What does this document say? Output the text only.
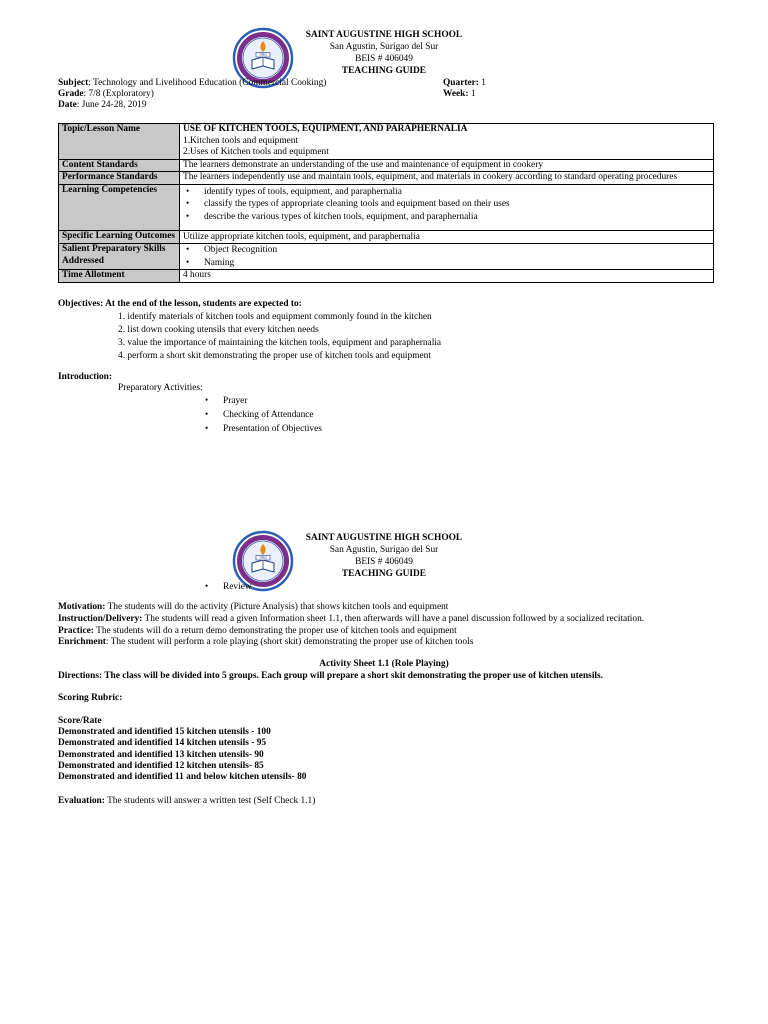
1961
SAINT AUGUSTINE HIGH SCHOOL
San Agustin, Surigao del Sur
BEIS # 406049
TEACHING GUIDE
Subject: Technology and Livelihood Education (Commercial Cooking)
Grade: 7/8 (Exploratory)
Date: June 24-28, 2019
Quarter: 1
Week: 1
Topic/Lesson Name	USE OF KITCHEN TOOLS, EQUIPMENT, AND PARAPHERNALIA
1.Kitchen tools and equipment
2.Uses of Kitchen tools and equipment

Content Standards	The learners demonstrate an understanding of the use and maintenance of equipment in cookery
Performance Standards	The learners independently use and maintain tools, equipment, and materials in cookery according to standard operating procedures
Learning Competencies	• identify types of tools, equipment, and paraphernalia
• classify the types of appropriate cleaning tools and equipment based on their uses
• describe the various types of kitchen tools, equipment, and paraphernalia

Specific Learning Outcomes	Utilize appropriate kitchen tools, equipment, and paraphernalia
Salient Preparatory Skills Addressed	• Object Recognition
• Naming

Time Allotment	4 hours
Objectives: At the end of the lesson, students are expected to:
1. identify materials of kitchen tools and equipment commonly found in the kitchen
2. list down cooking utensils that every kitchen needs
3. value the importance of maintaining the kitchen tools, equipment and paraphernalia
4. perform a short skit demonstrating the proper use of kitchen tools and equipment
Introduction:
Preparatory Activities:
• Prayer
• Checking of Attendance
• Presentation of Objectives
1961
SAINT AUGUSTINE HIGH SCHOOL
San Agustin, Surigao del Sur
BEIS # 406049
TEACHING GUIDE
• Review
Motivation: The students will do the activity (Picture Analysis) that shows kitchen tools and equipment
Instruction/Delivery: The students will read a given Information sheet 1.1, then afterwards will have a panel discussion followed by a socialized recitation.
Practice: The students will do a return demo demonstrating the proper use of kitchen tools and equipment
Enrichment: The student will perform a role playing (short skit) demonstrating the proper use of kitchen tools
Activity Sheet 1.1 (Role Playing)
Directions: The class will be divided into 5 groups. Each group will prepare a short skit demonstrating the proper use of kitchen utensils.
Scoring Rubric:
Score/Rate
Demonstrated and identified 15 kitchen utensils - 100
Demonstrated and identified 14 kitchen utensils - 95
Demonstrated and identified 13 kitchen utensils- 90
Demonstrated and identified 12 kitchen utensils- 85
Demonstrated and identified 11 and below kitchen utensils- 80
Evaluation: The students will answer a written test (Self Check 1.1)
